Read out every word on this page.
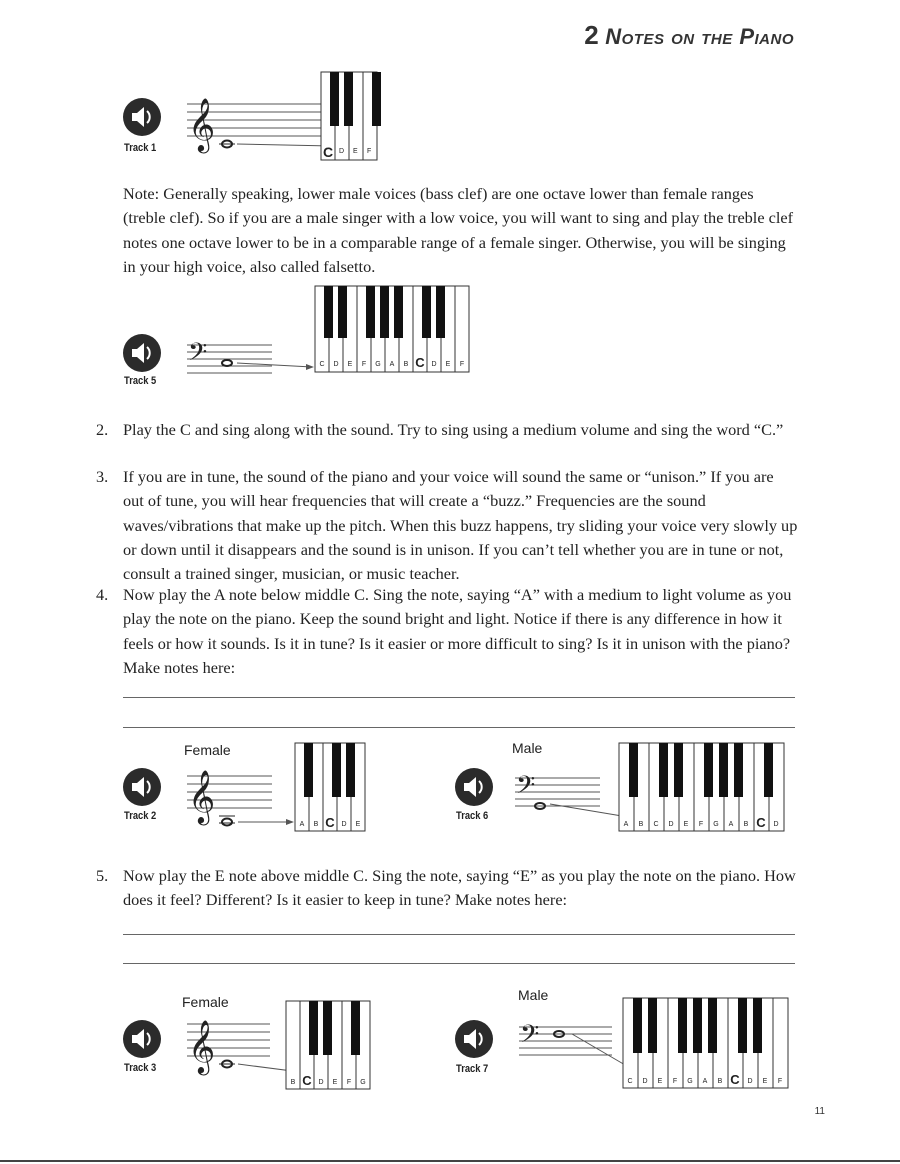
2 Notes on the Piano
Track 1 𝄞
C D E F
Note: Generally speaking, lower male voices (bass clef) are one octave lower than female ranges (treble clef). So if you are a male singer with a low voice, you will want to sing and play the treble clef notes one octave lower to be in a comparable range of a female singer. Otherwise, you will be singing in your high voice, also called falsetto.
Track 5
𝄢	C D E F G A B C D E F
2. Play the C and sing along with the sound. Try to sing using a medium volume and sing the word “C.”
3. If you are in tune, the sound of the piano and your voice will sound the same or “unison.” If you are out of tune, you will hear frequencies that will create a “buzz.” Frequencies are the sound waves/vibrations that make up the pitch. When this buzz happens, try sliding your voice very slowly up or down until it disappears and the sound is in unison. If you can’t tell whether you are in tune or not, consult a trained singer, musician, or music teacher.
4. Now play the A note below middle C. Sing the note, saying “A” with a medium to light volume as you play the note on the piano. Keep the sound bright and light. Notice if there is any difference in how it feels or how it sounds. Is it in tune? Is it easier or more difficult to sing? Is it in unison with the piano? Make notes here:
Female
Track 2 𝄞
A B C D E
Male
Track 6
𝄢
A B C D E F G A B C D
5. Now play the E note above middle C. Sing the note, saying “E” as you play the note on the piano. How does it feel? Different? Is it easier to keep in tune? Make notes here:
Female
Track 3 𝄞
B C D E F G
Male
Track 7
𝄢
C D E F G A B C D E F
11
